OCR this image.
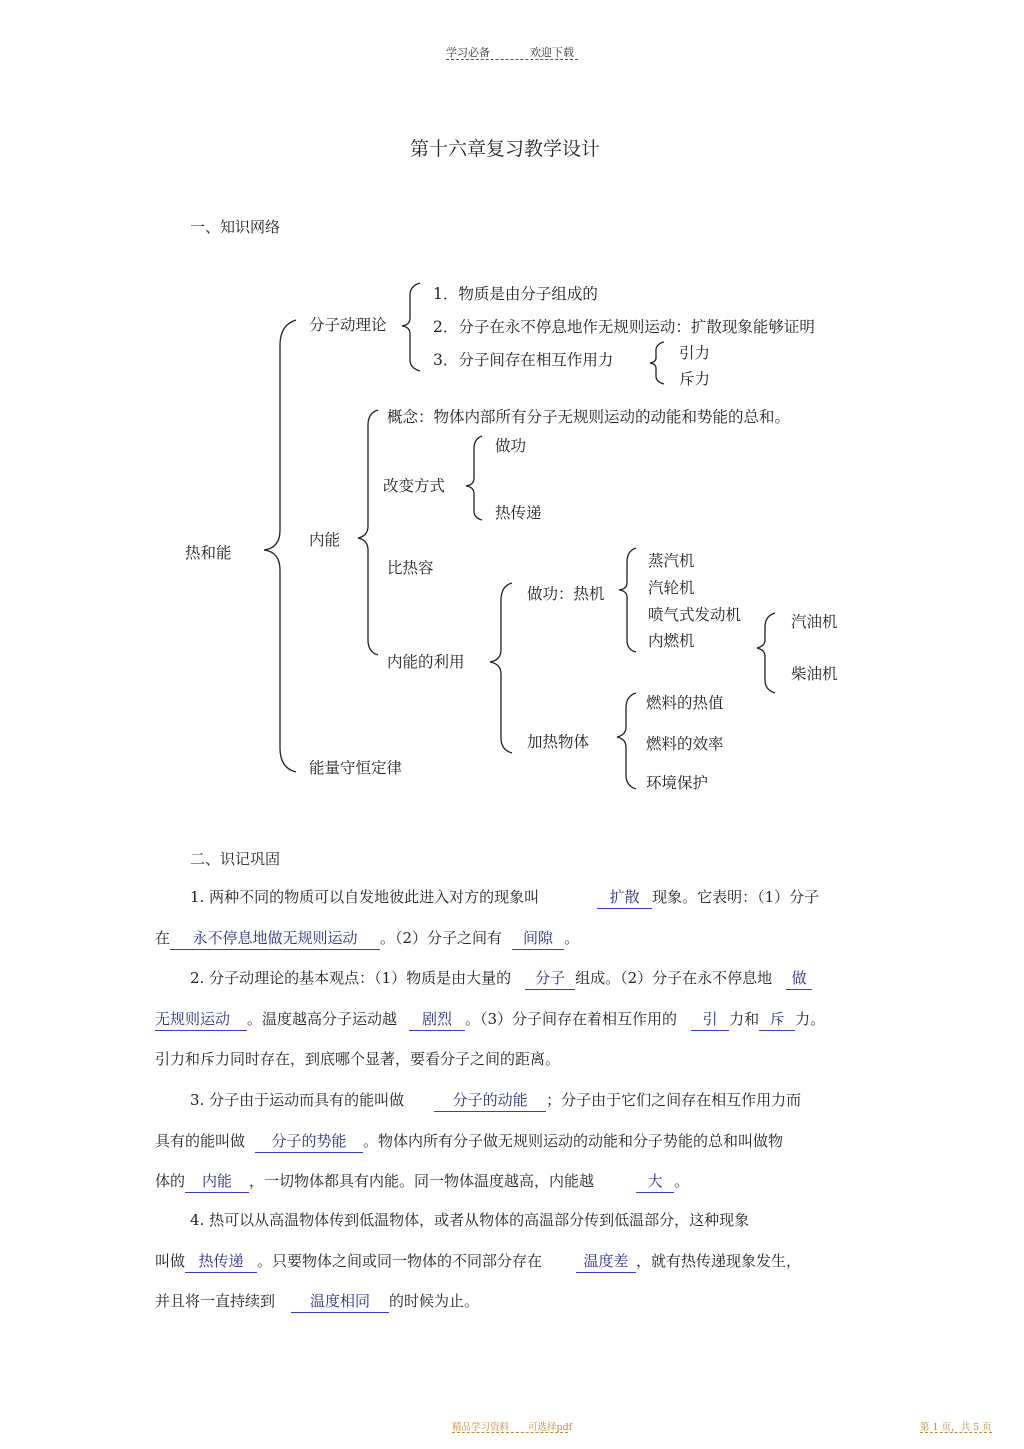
学习必备	欢迎下载
第十六章复习教学设计
一、知识网络
热和能
分子动理论
1．物质是由分子组成的
2．分子在永不停息地作无规则运动：扩散现象能够证明
3．分子间存在相互作用力	引力
斥力
内能
概念：物体内部所有分子无规则运动的动能和势能的总和。
改变方式
做功
热传递
比热容
内能的利用
做功：热机
蒸汽机
汽轮机
喷气式发动机
内燃机
汽油机
柴油机
加热物体
燃料的热值
燃料的效率
环境保护
能量守恒定律
二、识记巩固
1. 两种不同的物质可以自发地彼此进入对方的现象叫	扩散 现象。它表明：（1）分子
在 永不停息地做无规则运动 。（2）分子之间有 间隙 。
2. 分子动理论的基本观点：（1）物质是由大量的 分子 组成。（2）分子在永不停息地 做
无规则运动 。温度越高分子运动越 剧烈 。（3）分子间存在着相互作用的 引 力和 斥 力。
引力和斥力同时存在，到底哪个显著，要看分子之间的距离。
3. 分子由于运动而具有的能叫做	分子的动能 ；分子由于它们之间存在相互作用力而
具有的能叫做 分子的势能 。物体内所有分子做无规则运动的动能和分子势能的总和叫做物
体的 内能 ，一切物体都具有内能。同一物体温度越高，内能越	大 。
4. 热可以从高温物体传到低温物体，或者从物体的高温部分传到低温部分，这种现象
叫做 热传递 。只要物体之间或同一物体的不同部分存在	温度差 ，就有热传递现象发生，
并且将一直持续到 温度相同 的时候为止。
精品学习资料　　可选择pdf	第 1 页，共 5 页
